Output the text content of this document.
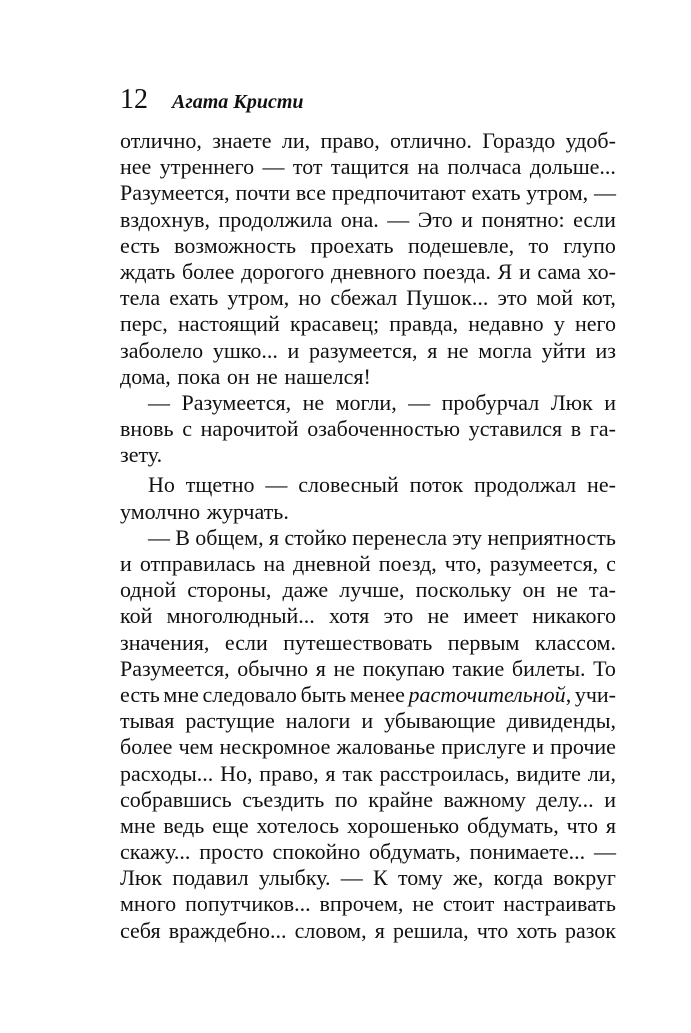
12 Агата Кристи
отлично, знаете ли, право, отлично. Гораздо удоб-
нее утреннего — тот тащится на полчаса дольше...
Разумеется, почти все предпочитают ехать утром, —
вздохнув, продолжила она. — Это и понятно: если
есть возможность проехать подешевле, то глупо
ждать более дорогого дневного поезда. Я и сама хо-
тела ехать утром, но сбежал Пушок... это мой кот,
перс, настоящий красавец; правда, недавно у него
заболело ушко... и разумеется, я не могла уйти из
дома, пока он не нашелся!
— Разумеется, не могли, — пробурчал Люк и
вновь с нарочитой озабоченностью уставился в га-
зету.
Но тщетно — словесный поток продолжал не-
умолчно журчать.
— В общем, я стойко перенесла эту неприятность
и отправилась на дневной поезд, что, разумеется, с
одной стороны, даже лучше, поскольку он не та-
кой многолюдный... хотя это не имеет никакого
значения, если путешествовать первым классом.
Разумеется, обычно я не покупаю такие билеты. То
есть мне следовало быть менее расточительной, учи-
тывая растущие налоги и убывающие дивиденды,
более чем нескромное жалованье прислуге и прочие
расходы... Но, право, я так расстроилась, видите ли,
собравшись съездить по крайне важному делу... и
мне ведь еще хотелось хорошенько обдумать, что я
скажу... просто спокойно обдумать, понимаете... —
Люк подавил улыбку. — К тому же, когда вокруг
много попутчиков... впрочем, не стоит настраивать
себя враждебно... словом, я решила, что хоть разок
